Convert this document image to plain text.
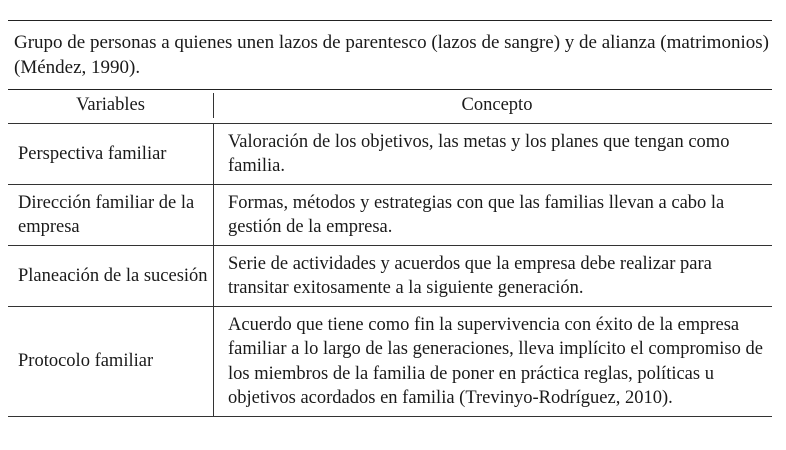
Grupo de personas a quienes unen lazos de parentesco (lazos de sangre) y de alianza (matrimonios) (Méndez, 1990).
Variables	Concepto
Perspectiva familiar
Valoración de los objetivos, las metas y los planes que tengan como familia.
Dirección familiar de la empresa
Formas, métodos y estrategias con que las familias llevan a cabo la gestión de la empresa.
Planeación de la sucesión
Serie de actividades y acuerdos que la empresa debe realizar para transitar exitosamente a la siguiente generación.
Protocolo familiar
Acuerdo que tiene como fin la supervivencia con éxito de la empresa familiar a lo largo de las generaciones, lleva implícito el compromiso de los miembros de la familia de poner en práctica reglas, políticas u objetivos acordados en familia (Trevinyo-Rodríguez, 2010).
